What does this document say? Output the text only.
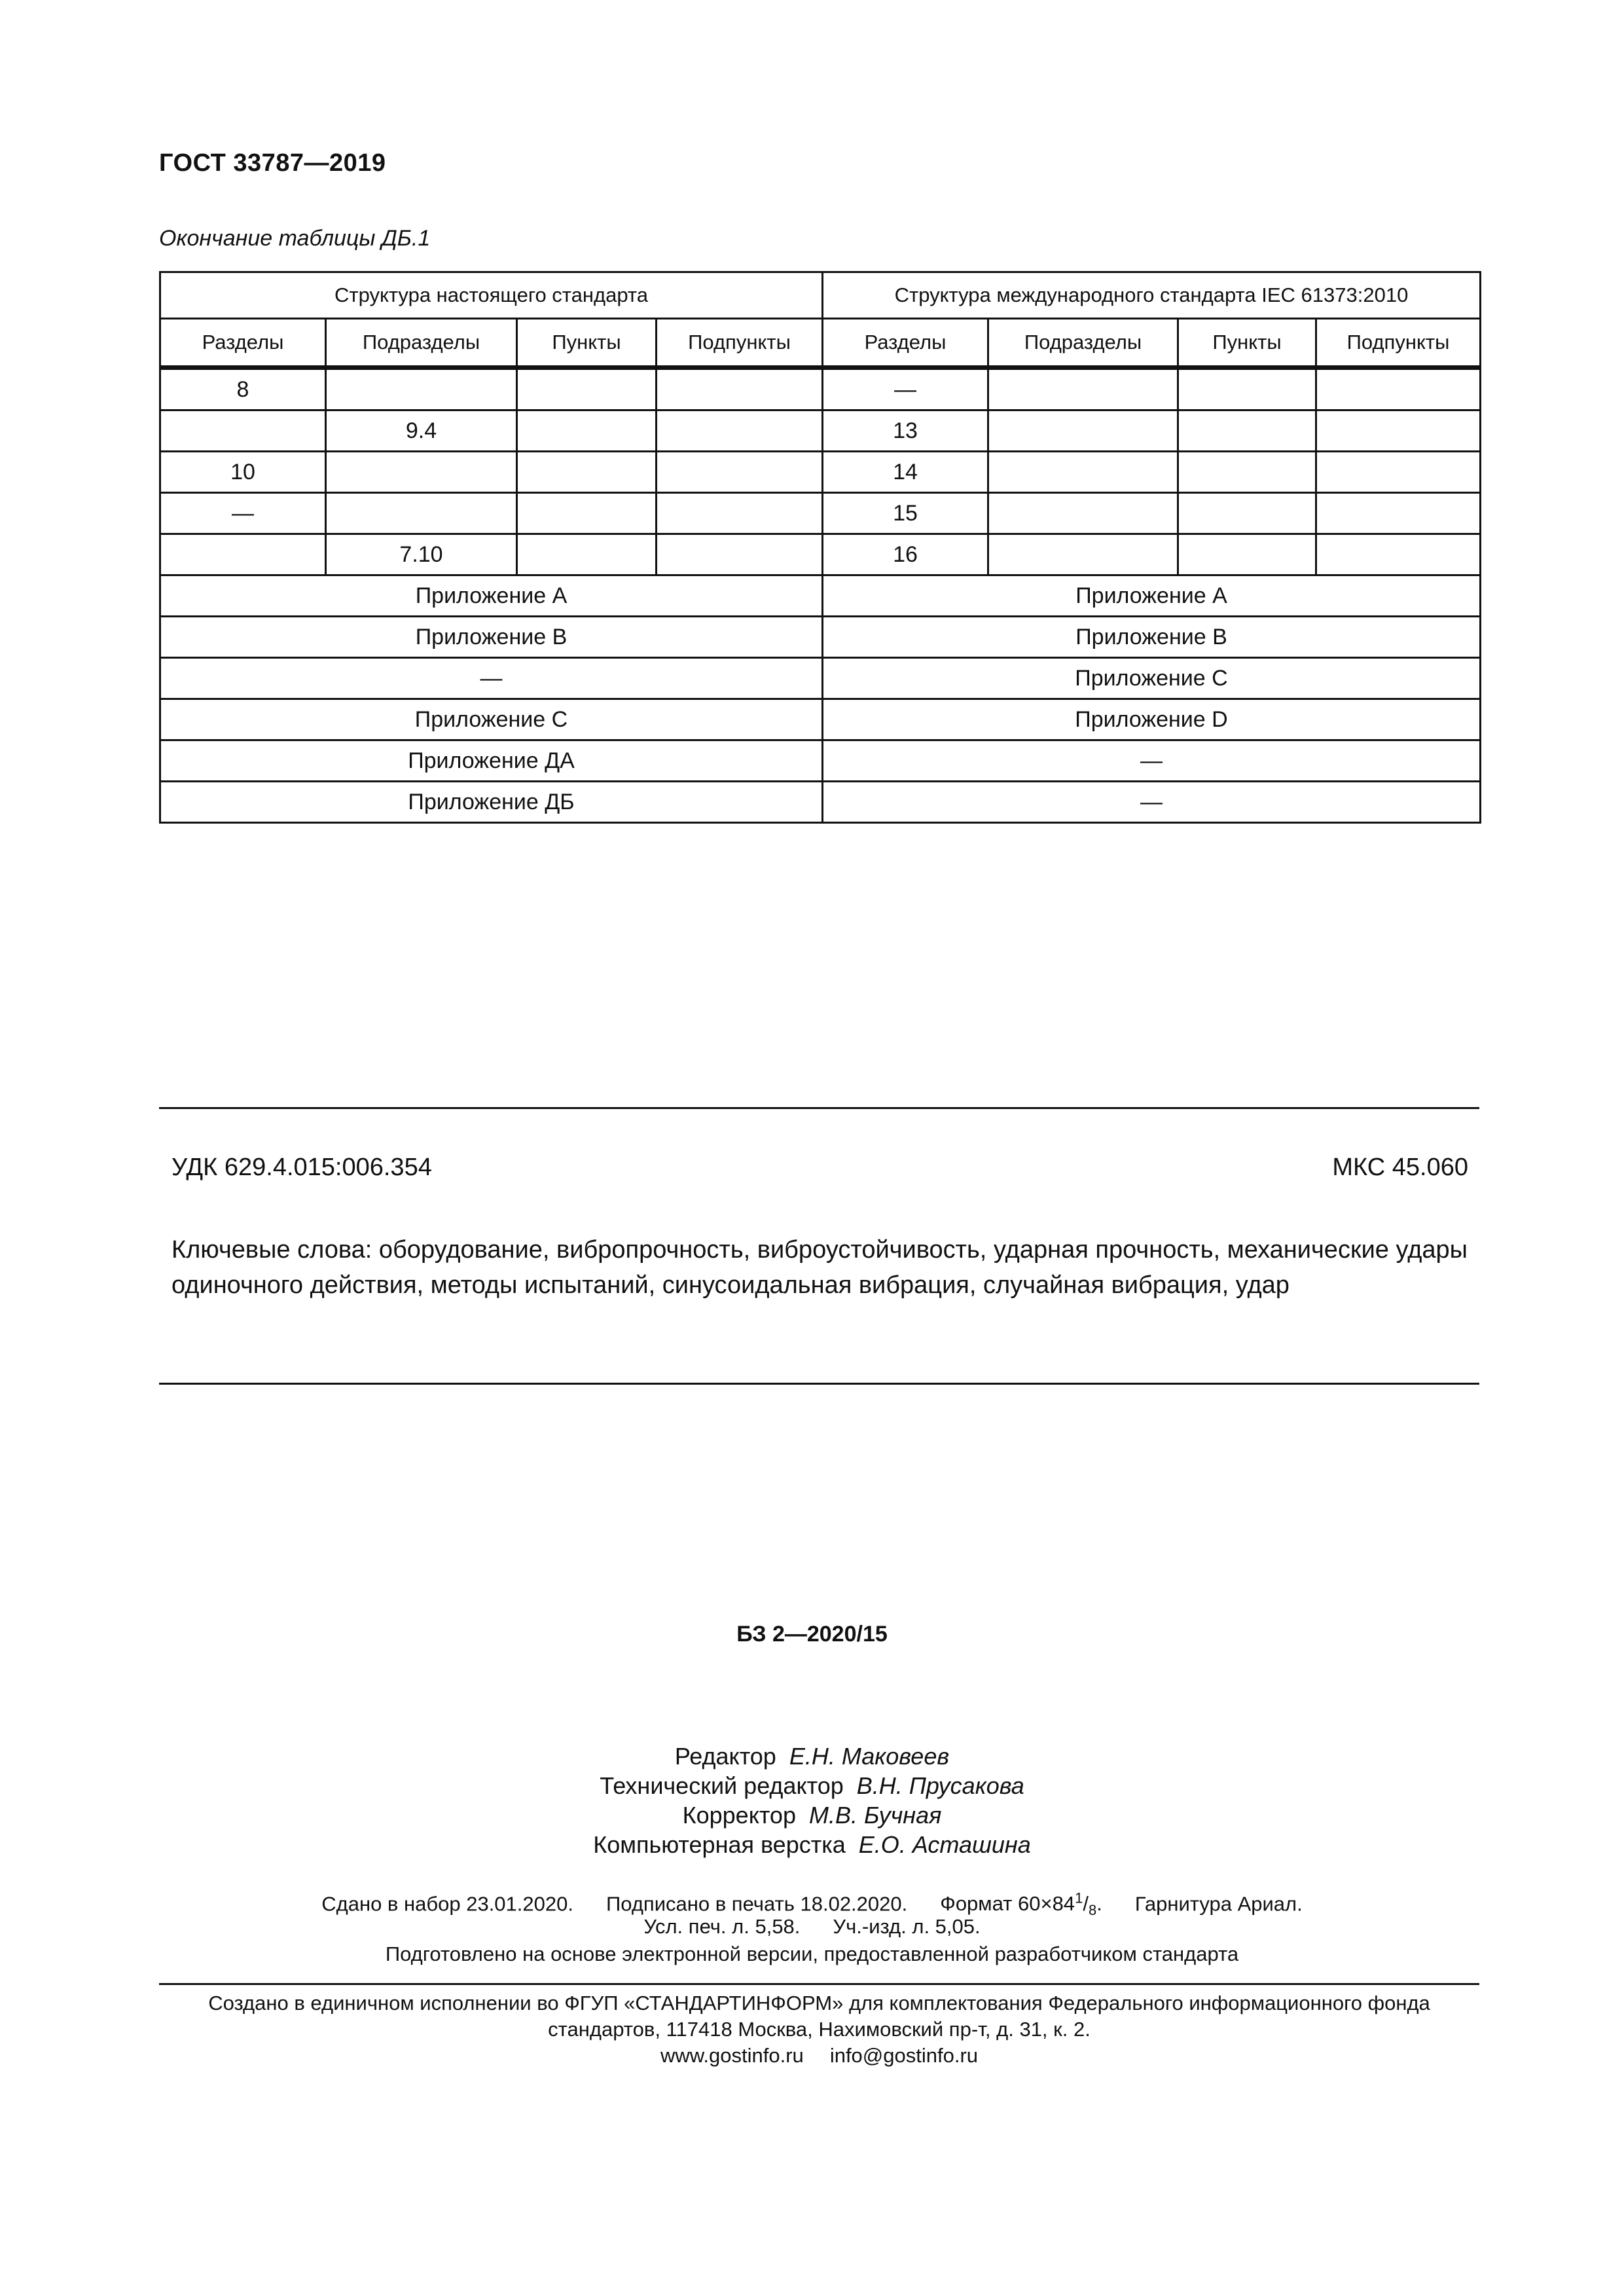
ГОСТ 33787—2019
Окончание таблицы ДБ.1
Структура настоящего стандарта				Структура международного стандарта IEC 61373:2010			
Разделы	Подразделы	Пункты	Подпункты	Разделы	Подразделы	Пункты	Подпункты
8				—			
	9.4			13			
10				14			
—				15			
	7.10			16			
Приложение A				Приложение A			
Приложение B				Приложение B			
—				Приложение C			
Приложение C				Приложение D			
Приложение ДА				—			
Приложение ДБ				—			
УДК 629.4.015:006.354	МКС 45.060
Ключевые слова: оборудование, вибропрочность, виброустойчивость, ударная прочность, механические удары одиночного действия, методы испытаний, синусоидальная вибрация, случайная вибрация, удар
БЗ 2—2020/15
Редактор Е.Н. Маковеев
Технический редактор В.Н. Прусакова
Корректор М.В. Бучная
Компьютерная верстка Е.О. Асташина
Сдано в набор 23.01.2020. Подписано в печать 18.02.2020. Формат $60\times 84^1/_8$. Гарнитура Ариал.
Усл. печ. л. 5,58. Уч.-изд. л. 5,05.
Подготовлено на основе электронной версии, предоставленной разработчиком стандарта
Создано в единичном исполнении во ФГУП «СТАНДАРТИНФОРМ» для комплектования Федерального информационного фонда
стандартов, 117418 Москва, Нахимовский пр-т, д. 31, к. 2.
www.gostinfo.ru info@gostinfo.ru
